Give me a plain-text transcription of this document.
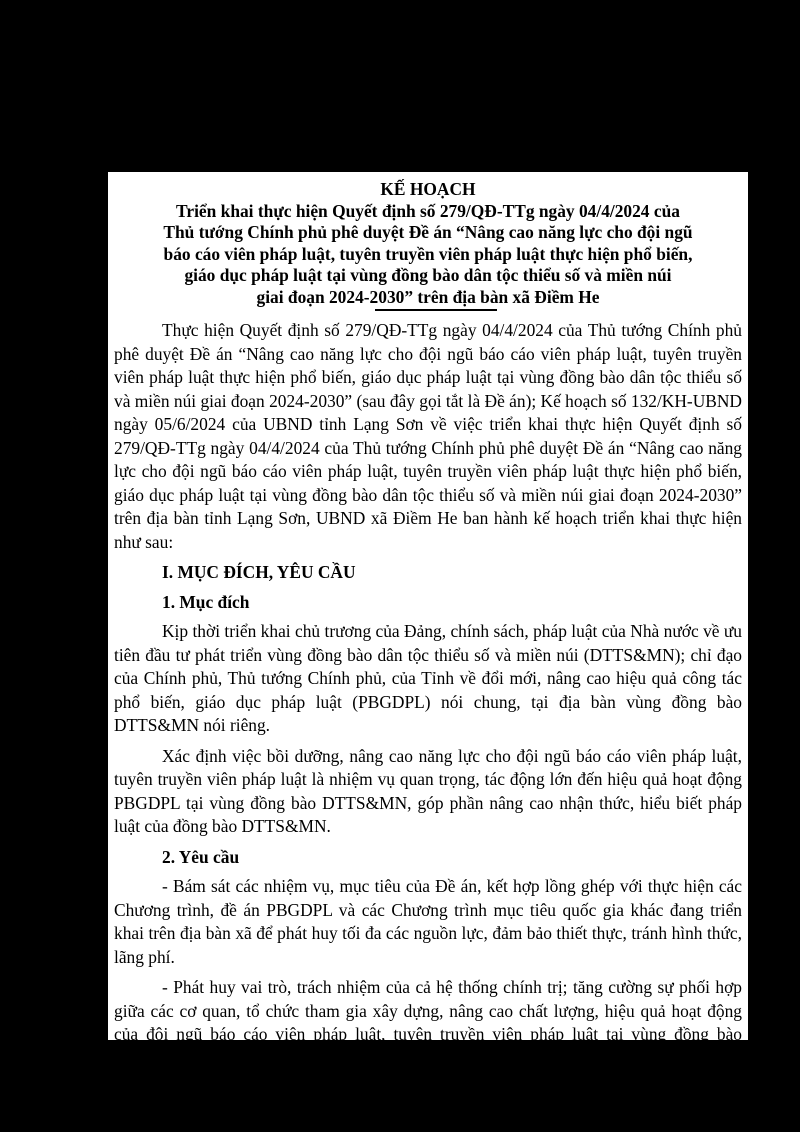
KẾ HOẠCH
Triển khai thực hiện Quyết định số 279/QĐ-TTg ngày 04/4/2024 của
Thủ tướng Chính phủ phê duyệt Đề án “Nâng cao năng lực cho đội ngũ
báo cáo viên pháp luật, tuyên truyền viên pháp luật thực hiện phổ biến,
giáo dục pháp luật tại vùng đồng bào dân tộc thiểu số và miền núi
giai đoạn 2024-2030” trên địa bàn xã Điềm He

Thực hiện Quyết định số 279/QĐ-TTg ngày 04/4/2024 của Thủ tướng Chính phủ phê duyệt Đề án “Nâng cao năng lực cho đội ngũ báo cáo viên pháp luật, tuyên truyền viên pháp luật thực hiện phổ biến, giáo dục pháp luật tại vùng đồng bào dân tộc thiểu số và miền núi giai đoạn 2024-2030” (sau đây gọi tắt là Đề án); Kế hoạch số 132/KH-UBND ngày 05/6/2024 của UBND tỉnh Lạng Sơn về việc triển khai thực hiện Quyết định số 279/QĐ-TTg ngày 04/4/2024 của Thủ tướng Chính phủ phê duyệt Đề án “Nâng cao năng lực cho đội ngũ báo cáo viên pháp luật, tuyên truyền viên pháp luật thực hiện phổ biến, giáo dục pháp luật tại vùng đồng bào dân tộc thiểu số và miền núi giai đoạn 2024-2030” trên địa bàn tỉnh Lạng Sơn, UBND xã Điềm He ban hành kế hoạch triển khai thực hiện như sau:

I. MỤC ĐÍCH, YÊU CẦU
1. Mục đích

Kịp thời triển khai chủ trương của Đảng, chính sách, pháp luật của Nhà nước về ưu tiên đầu tư phát triển vùng đồng bào dân tộc thiểu số và miền núi (DTTS&MN); chỉ đạo của Chính phủ, Thủ tướng Chính phủ, của Tỉnh về đổi mới, nâng cao hiệu quả công tác phổ biến, giáo dục pháp luật (PBGDPL) nói chung, tại địa bàn vùng đồng bào DTTS&MN nói riêng.

Xác định việc bồi dưỡng, nâng cao năng lực cho đội ngũ báo cáo viên pháp luật, tuyên truyền viên pháp luật là nhiệm vụ quan trọng, tác động lớn đến hiệu quả hoạt động PBGDPL tại vùng đồng bào DTTS&MN, góp phần nâng cao nhận thức, hiểu biết pháp luật của đồng bào DTTS&MN.

2. Yêu cầu

- Bám sát các nhiệm vụ, mục tiêu của Đề án, kết hợp lồng ghép với thực hiện các Chương trình, đề án PBGDPL và các Chương trình mục tiêu quốc gia khác đang triển khai trên địa bàn xã để phát huy tối đa các nguồn lực, đảm bảo thiết thực, tránh hình thức, lãng phí.

- Phát huy vai trò, trách nhiệm của cả hệ thống chính trị; tăng cường sự phối hợp giữa các cơ quan, tổ chức tham gia xây dựng, nâng cao chất lượng, hiệu quả hoạt động của đội ngũ báo cáo viên pháp luật, tuyên truyền viên pháp luật tại vùng đồng bào DTTS&MN. Triển khai các nhiệm vụ, giải pháp của Đề án đồng bộ và
